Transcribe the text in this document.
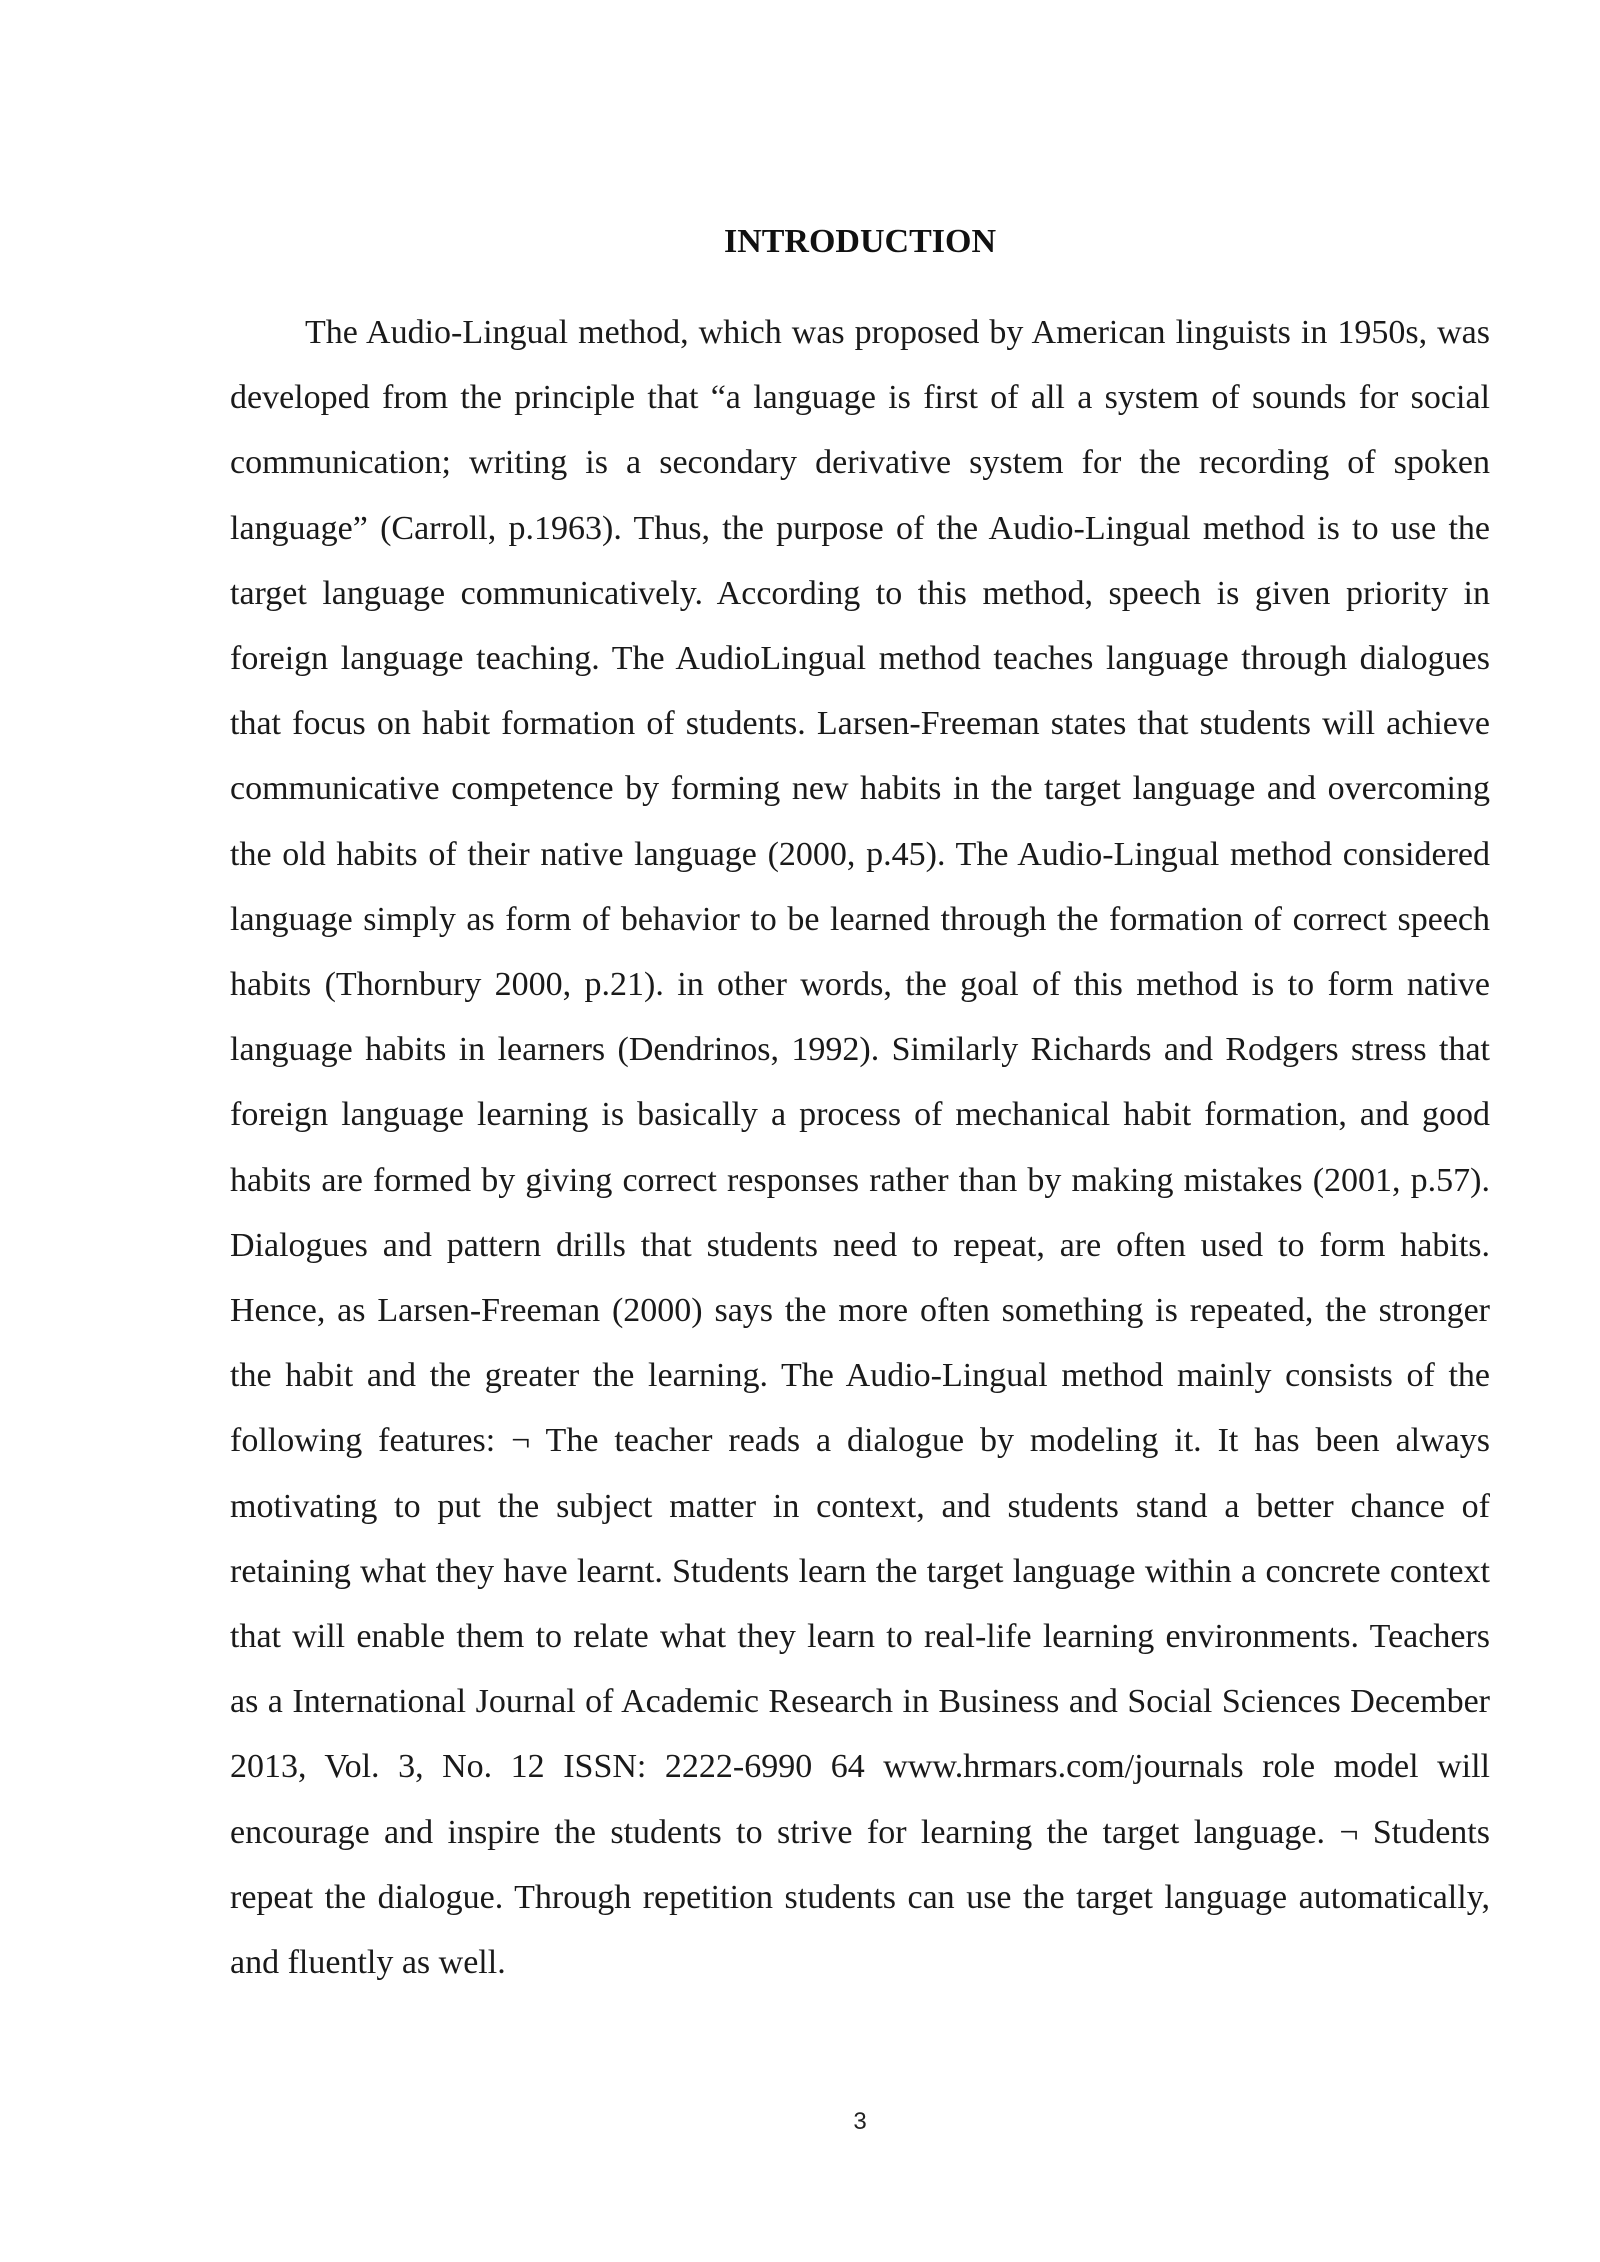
INTRODUCTION

The Audio-Lingual method, which was proposed by American linguists in 1950s, was developed from the principle that “a language is first of all a system of sounds for social communication; writing is a secondary derivative system for the recording of spoken language” (Carroll, p.1963). Thus, the purpose of the Audio-Lingual method is to use the target language communicatively. According to this method, speech is given priority in foreign language teaching. The AudioLingual method teaches language through dialogues that focus on habit formation of students. Larsen-Freeman states that students will achieve communicative competence by forming new habits in the target language and overcoming the old habits of their native language (2000, p.45). The Audio-Lingual method considered language simply as form of behavior to be learned through the formation of correct speech habits (Thornbury 2000, p.21). in other words, the goal of this method is to form native language habits in learners (Dendrinos, 1992). Similarly Richards and Rodgers stress that foreign language learning is basically a process of mechanical habit formation, and good habits are formed by giving correct responses rather than by making mistakes (2001, p.57). Dialogues and pattern drills that students need to repeat, are often used to form habits. Hence, as Larsen-Freeman (2000) says the more often something is repeated, the stronger the habit and the greater the learning. The Audio-Lingual method mainly consists of the following features: ¬ The teacher reads a dialogue by modeling it. It has been always motivating to put the subject matter in context, and students stand a better chance of retaining what they have learnt. Students learn the target language within a concrete context that will enable them to relate what they learn to real-life learning environments. Teachers as a International Journal of Academic Research in Business and Social Sciences December 2013, Vol. 3, No. 12 ISSN: 2222-6990 64 www.hrmars.com/journals role model will encourage and inspire the students to strive for learning the target language. ¬ Students repeat the dialogue. Through repetition students can use the target language automatically, and fluently as well.

3
